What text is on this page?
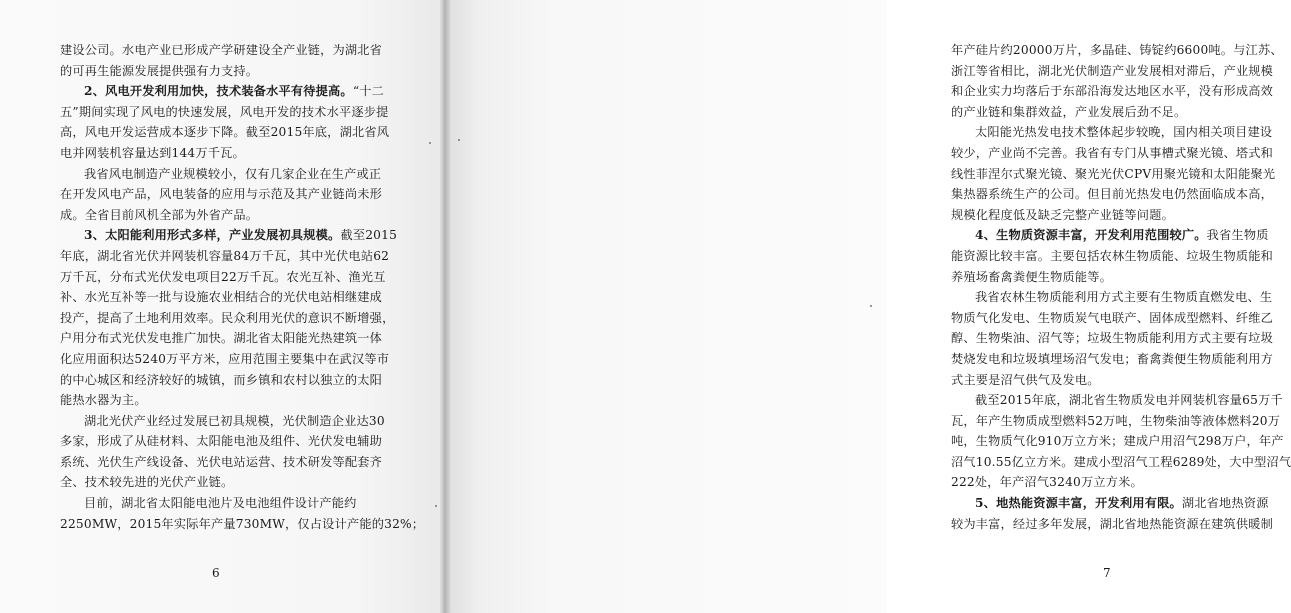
建设公司。水电产业已形成产学研建设全产业链，为湖北省
的可再生能源发展提供强有力支持。
2、风电开发利用加快，技术装备水平有待提高。“十二
五”期间实现了风电的快速发展，风电开发的技术水平逐步提
高，风电开发运营成本逐步下降。截至2015年底，湖北省风
电并网装机容量达到144万千瓦。
我省风电制造产业规模较小，仅有几家企业在生产或正
在开发风电产品，风电装备的应用与示范及其产业链尚未形
成。全省目前风机全部为外省产品。
3、太阳能利用形式多样，产业发展初具规模。截至2015
年底，湖北省光伏并网装机容量84万千瓦，其中光伏电站62
万千瓦，分布式光伏发电项目22万千瓦。农光互补、渔光互
补、水光互补等一批与设施农业相结合的光伏电站相继建成
投产，提高了土地利用效率。民众利用光伏的意识不断增强，
户用分布式光伏发电推广加快。湖北省太阳能光热建筑一体
化应用面积达5240万平方米，应用范围主要集中在武汉等市
的中心城区和经济较好的城镇，而乡镇和农村以独立的太阳
能热水器为主。
湖北光伏产业经过发展已初具规模，光伏制造企业达30
多家，形成了从硅材料、太阳能电池及组件、光伏发电辅助
系统、光伏生产线设备、光伏电站运营、技术研发等配套齐
全、技术较先进的光伏产业链。
目前，湖北省太阳能电池片及电池组件设计产能约
2250MW，2015年实际年产量730MW，仅占设计产能的32%；
6
年产硅片约20000万片，多晶硅、铸锭约6600吨。与江苏、
浙江等省相比，湖北光伏制造产业发展相对滞后，产业规模
和企业实力均落后于东部沿海发达地区水平，没有形成高效
的产业链和集群效益，产业发展后劲不足。
太阳能光热发电技术整体起步较晚，国内相关项目建设
较少，产业尚不完善。我省有专门从事槽式聚光镜、塔式和
线性菲涅尔式聚光镜、聚光光伏CPV用聚光镜和太阳能聚光
集热器系统生产的公司。但目前光热发电仍然面临成本高，
规模化程度低及缺乏完整产业链等问题。
4、生物质资源丰富，开发利用范围较广。我省生物质
能资源比较丰富。主要包括农林生物质能、垃圾生物质能和
养殖场畜禽粪便生物质能等。
我省农林生物质能利用方式主要有生物质直燃发电、生
物质气化发电、生物质炭气电联产、固体成型燃料、纤维乙
醇、生物柴油、沼气等；垃圾生物质能利用方式主要有垃圾
焚烧发电和垃圾填埋场沼气发电；畜禽粪便生物质能利用方
式主要是沼气供气及发电。
截至2015年底，湖北省生物质发电并网装机容量65万千
瓦，年产生物质成型燃料52万吨，生物柴油等液体燃料20万
吨，生物质气化910万立方米；建成户用沼气298万户，年产
沼气10.55亿立方米。建成小型沼气工程6289处，大中型沼气
222处，年产沼气3240万立方米。
5、地热能资源丰富，开发利用有限。湖北省地热资源
较为丰富，经过多年发展，湖北省地热能资源在建筑供暖制
7
